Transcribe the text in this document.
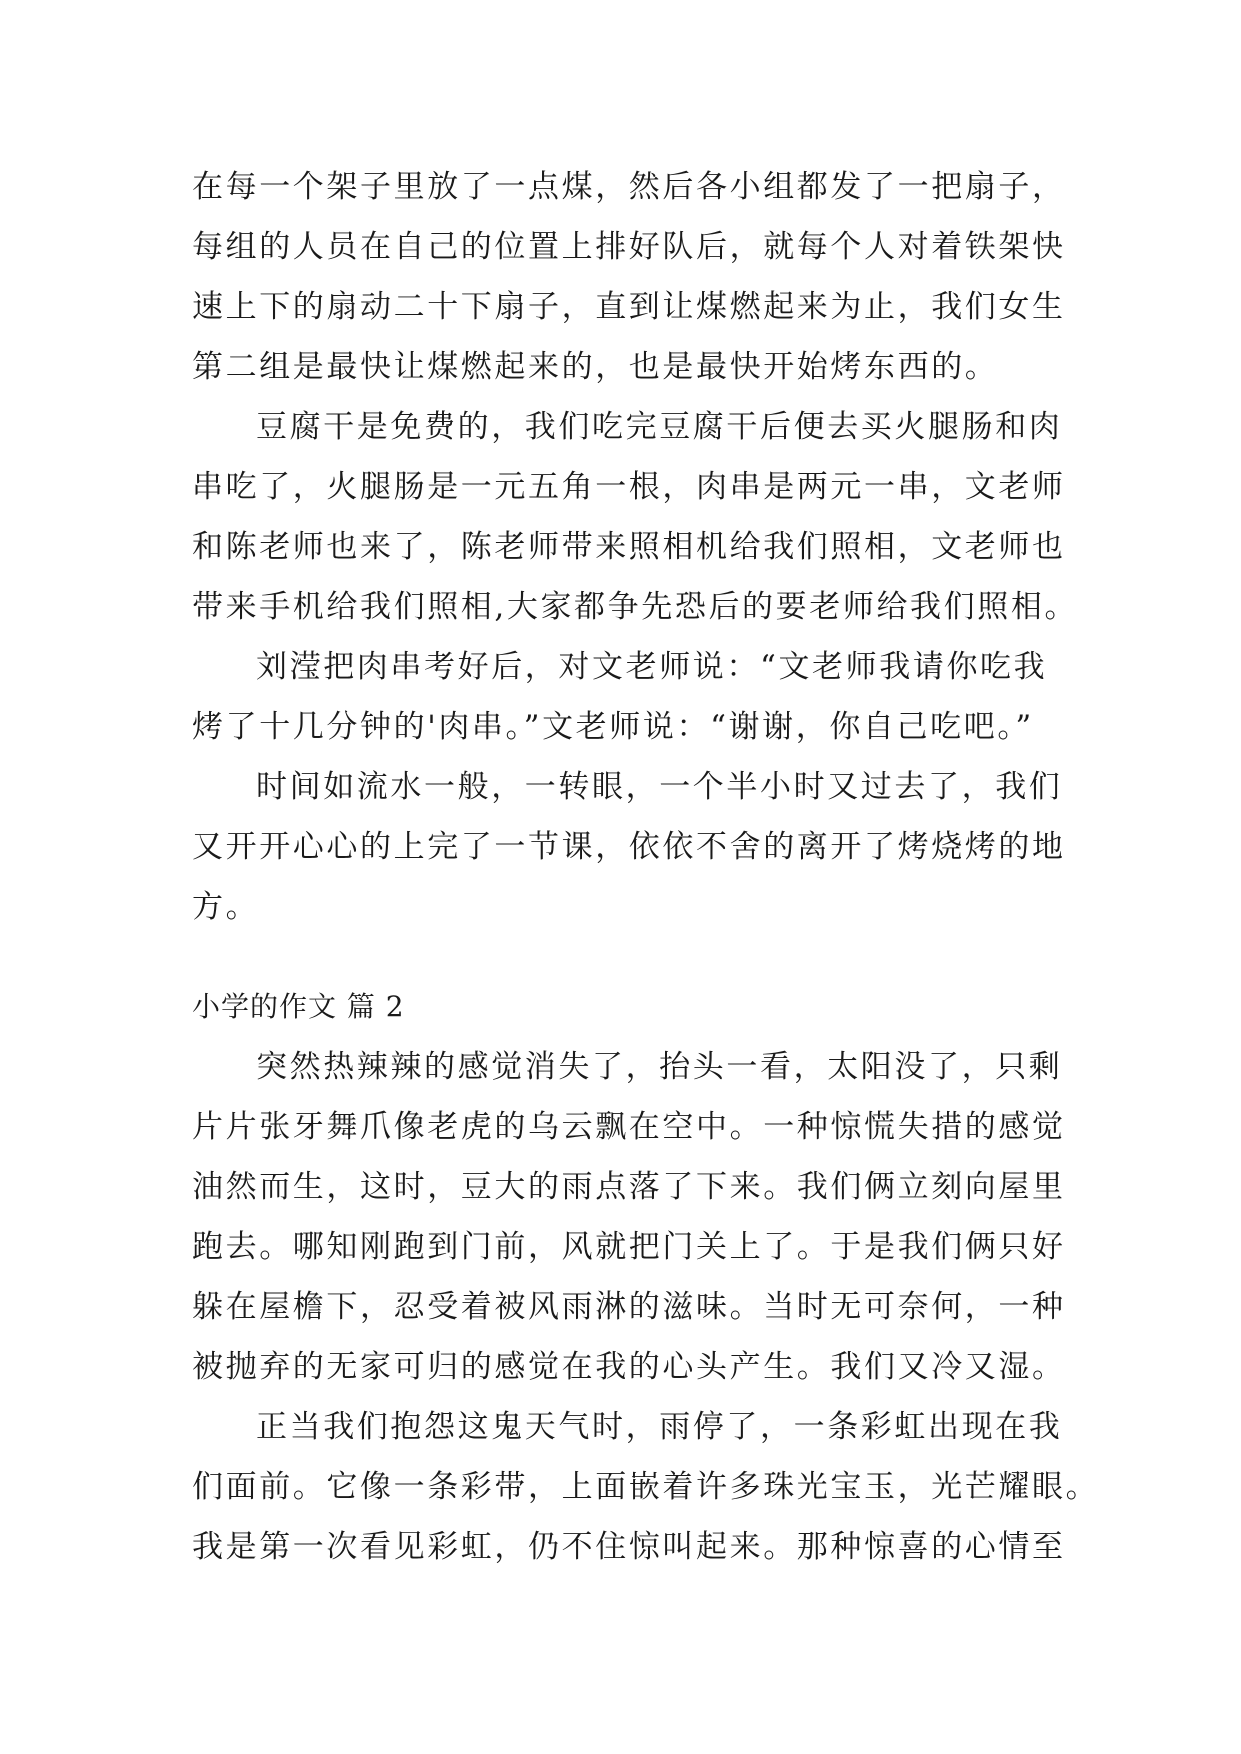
在每一个架子里放了一点煤，然后各小组都发了一把扇子，
每组的人员在自己的位置上排好队后，就每个人对着铁架快
速上下的扇动二十下扇子，直到让煤燃起来为止，我们女生
第二组是最快让煤燃起来的，也是最快开始烤东西的。
豆腐干是免费的，我们吃完豆腐干后便去买火腿肠和肉
串吃了，火腿肠是一元五角一根，肉串是两元一串，文老师
和陈老师也来了，陈老师带来照相机给我们照相，文老师也
带来手机给我们照相,大家都争先恐后的要老师给我们照相。
刘滢把肉串考好后，对文老师说：“文老师我请你吃我
烤了十几分钟的'肉串。”文老师说：“谢谢，你自己吃吧。”
时间如流水一般，一转眼，一个半小时又过去了，我们
又开开心心的上完了一节课，依依不舍的离开了烤烧烤的地
方。
小学的作文 篇 2
突然热辣辣的感觉消失了，抬头一看，太阳没了，只剩
片片张牙舞爪像老虎的乌云飘在空中。一种惊慌失措的感觉
油然而生，这时，豆大的雨点落了下来。我们俩立刻向屋里
跑去。哪知刚跑到门前，风就把门关上了。于是我们俩只好
躲在屋檐下，忍受着被风雨淋的滋味。当时无可奈何，一种
被抛弃的无家可归的感觉在我的心头产生。我们又冷又湿。
正当我们抱怨这鬼天气时，雨停了，一条彩虹出现在我
们面前。它像一条彩带，上面嵌着许多珠光宝玉，光芒耀眼。
我是第一次看见彩虹，仍不住惊叫起来。那种惊喜的心情至
